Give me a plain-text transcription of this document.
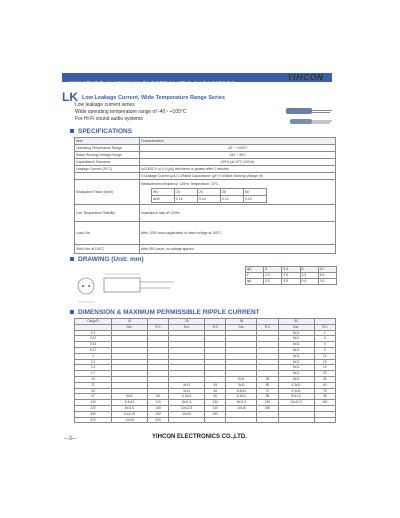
MINIATURE ALUMINUM ELECTROLYTIC CAPACITORS
YIHCON
LK Low Leakage Current, Wide Temperature Range Series
Low leakage current series
Wide operating temperature range of -40~ +105°C
For Hi-Fi sound audio systems
SPECIFICATIONS
Item	Characteristics
Operating Temperature Range	-40 ~ +105°C
Rated Working Voltage Range	16V ~ 50V
Capacitance Tolerance	±20% (at 20°C,120Hz)
Leakage Current (20°C)	I≤0.002CV or 0.4 (µA) whichever is greater after 2 minutes
	I=Leakage Current (µA) C=Rated Capacitance (µF) V=Rated Working Voltage (V)
Dissipation Factor (tanδ)	
Measurement frequency: 120Hz Temperature: 20°C
WV	16	25	35	50
tanδ	0.16	0.14	0.12	0.10

Low Temperature Stability	Impedance ratio at 120Hz
Load Life	After 1000 hours application of rated voltage at 105°C
Shelf Life at 105°C	After 500 hours, no voltage applied
DRAWING (Unit: mm)
φD	5	6.3	8	10
F	2.0	2.5	3.5	5.0
φd	0.5	0.5	0.6	0.6
DIMENSION & MAXIMUM PERMISSIBLE RIPPLE CURRENT
Cap(µF)	16		25		35		50	
	DxL	R.C	DxL	R.C	DxL	R.C	DxL	R.C
0.1							5x11	1
0.22							5x11	3
0.33							5x11	4
0.47							5x11	5
1							5x11	10
2.2							5x11	15
3.3							5x11	20
4.7							5x11	25
10					5x11	35	5x11	35
22			5x11	45	5x11	50	6.3x11	60
33			5x11	60	6.3x11	70	6.3x11	75
47	5x11	65	6.3x11	80	6.3x11	85	8x11.5	95
100	6.3x11	110	8x11.5	130	8x11.5	140	10x12.5	160
220	8x11.5	180	10x12.5	210	10x16	250		
330	10x12.5	250	10x16	290				
470	10x16	320						
—3—	YIHCON ELECTRONICS CO.,LTD.
